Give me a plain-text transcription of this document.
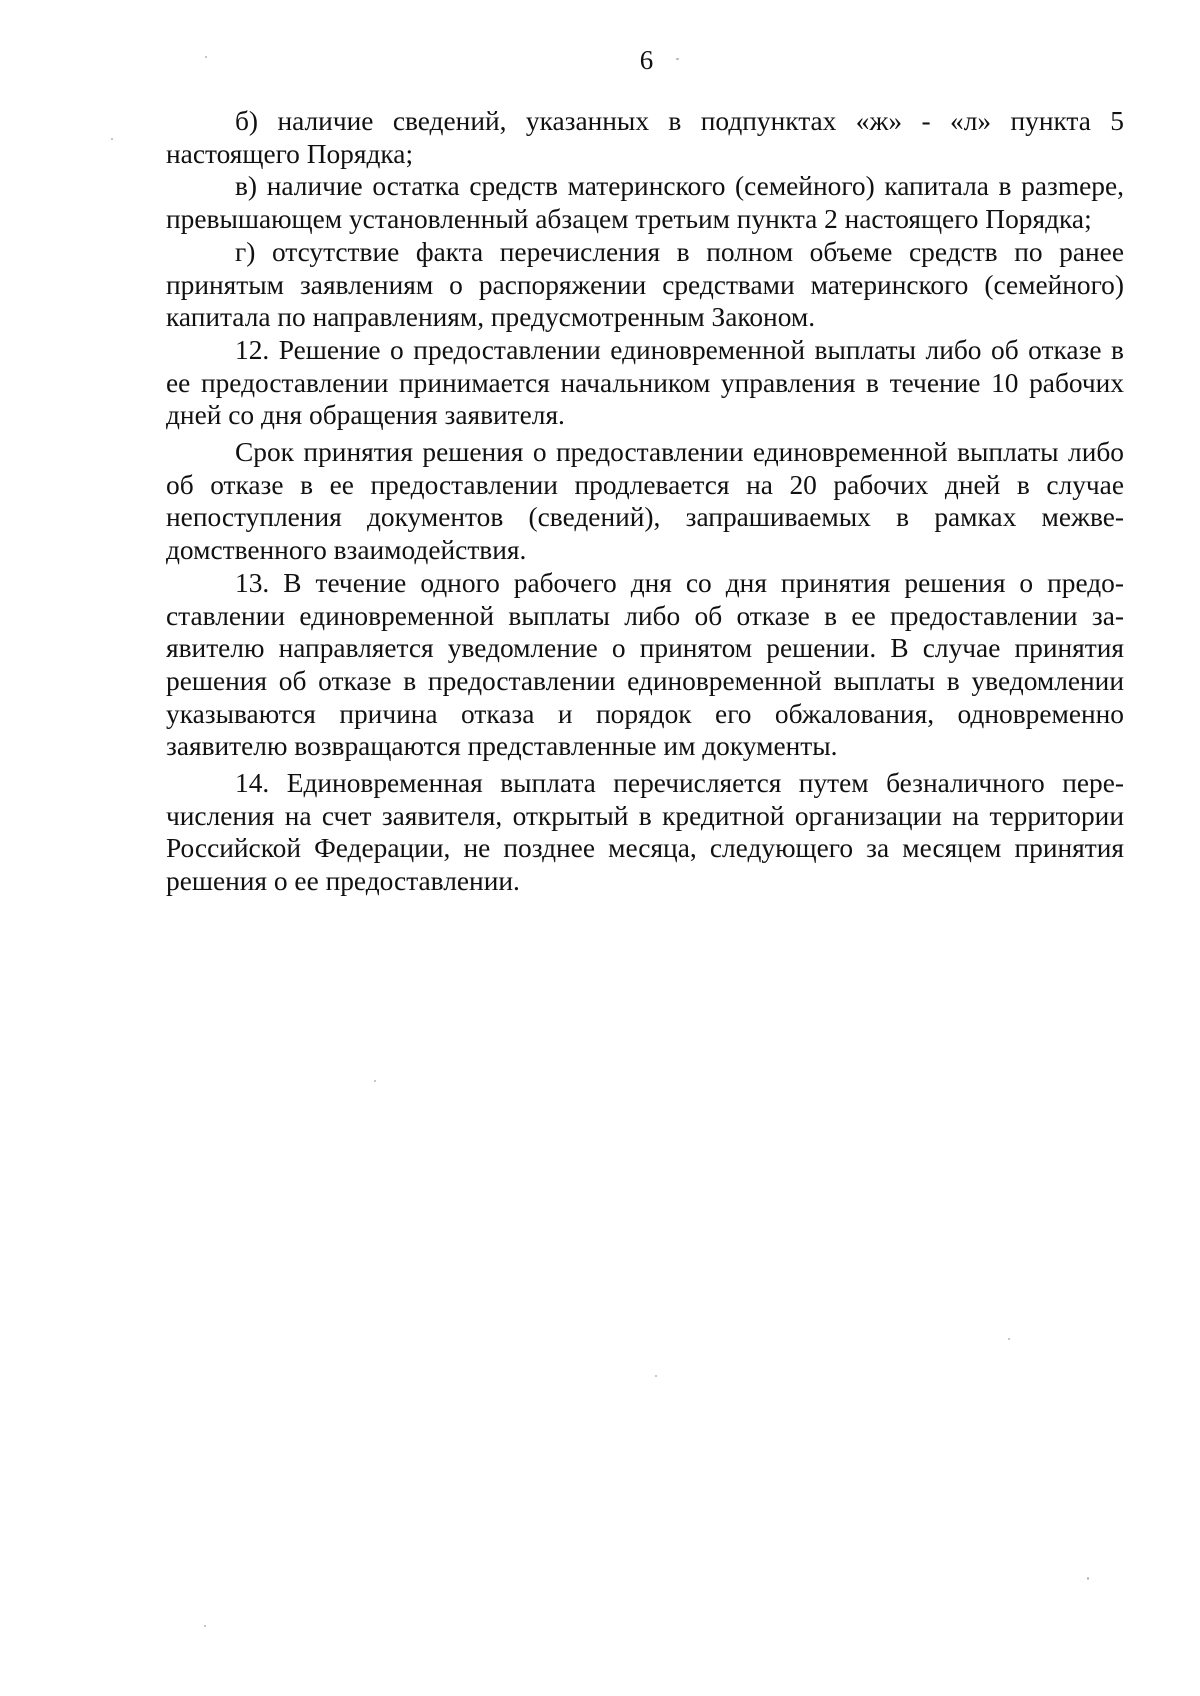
6

б) наличие сведений, указанных в подпунктах «ж» - «л» пункта 5 настоящего Порядка;

в) наличие остатка средств материнского (семейного) капитала в разmере, превышающем установленный абзацем третьим пункта 2 настоящего Порядка;

г) отсутствие факта перечисления в полном объеме средств по ранее принятым заявлениям о распоряжении средствами материнского (семейного) капитала по направлениям, предусмотренным Законом.

12. Решение о предоставлении единовременной выплаты либо об отказе в ее предоставлении принимается начальником управления в течение 10 рабочих дней со дня обращения заявителя.

Срок принятия решения о предоставлении единовременной выплаты либо об отказе в ее предоставлении продлевается на 20 рабочих дней в случае непоступления документов (сведений), запрашиваемых в рамках межведомственного взаимодействия.

13. В течение одного рабочего дня со дня принятия решения о предоставлении единовременной выплаты либо об отказе в ее предоставлении заявителю направляется уведомление о принятом решении. В случае принятия решения об отказе в предоставлении единовременной выплаты в уведомлении указываются причина отказа и порядок его обжалования, одновременно заявителю возвращаются представленные им документы.

14. Единовременная выплата перечисляется путем безналичного перечисления на счет заявителя, открытый в кредитной организации на территории Российской Федерации, не позднее месяца, следующего за месяцем принятия решения о ее предоставлении.
